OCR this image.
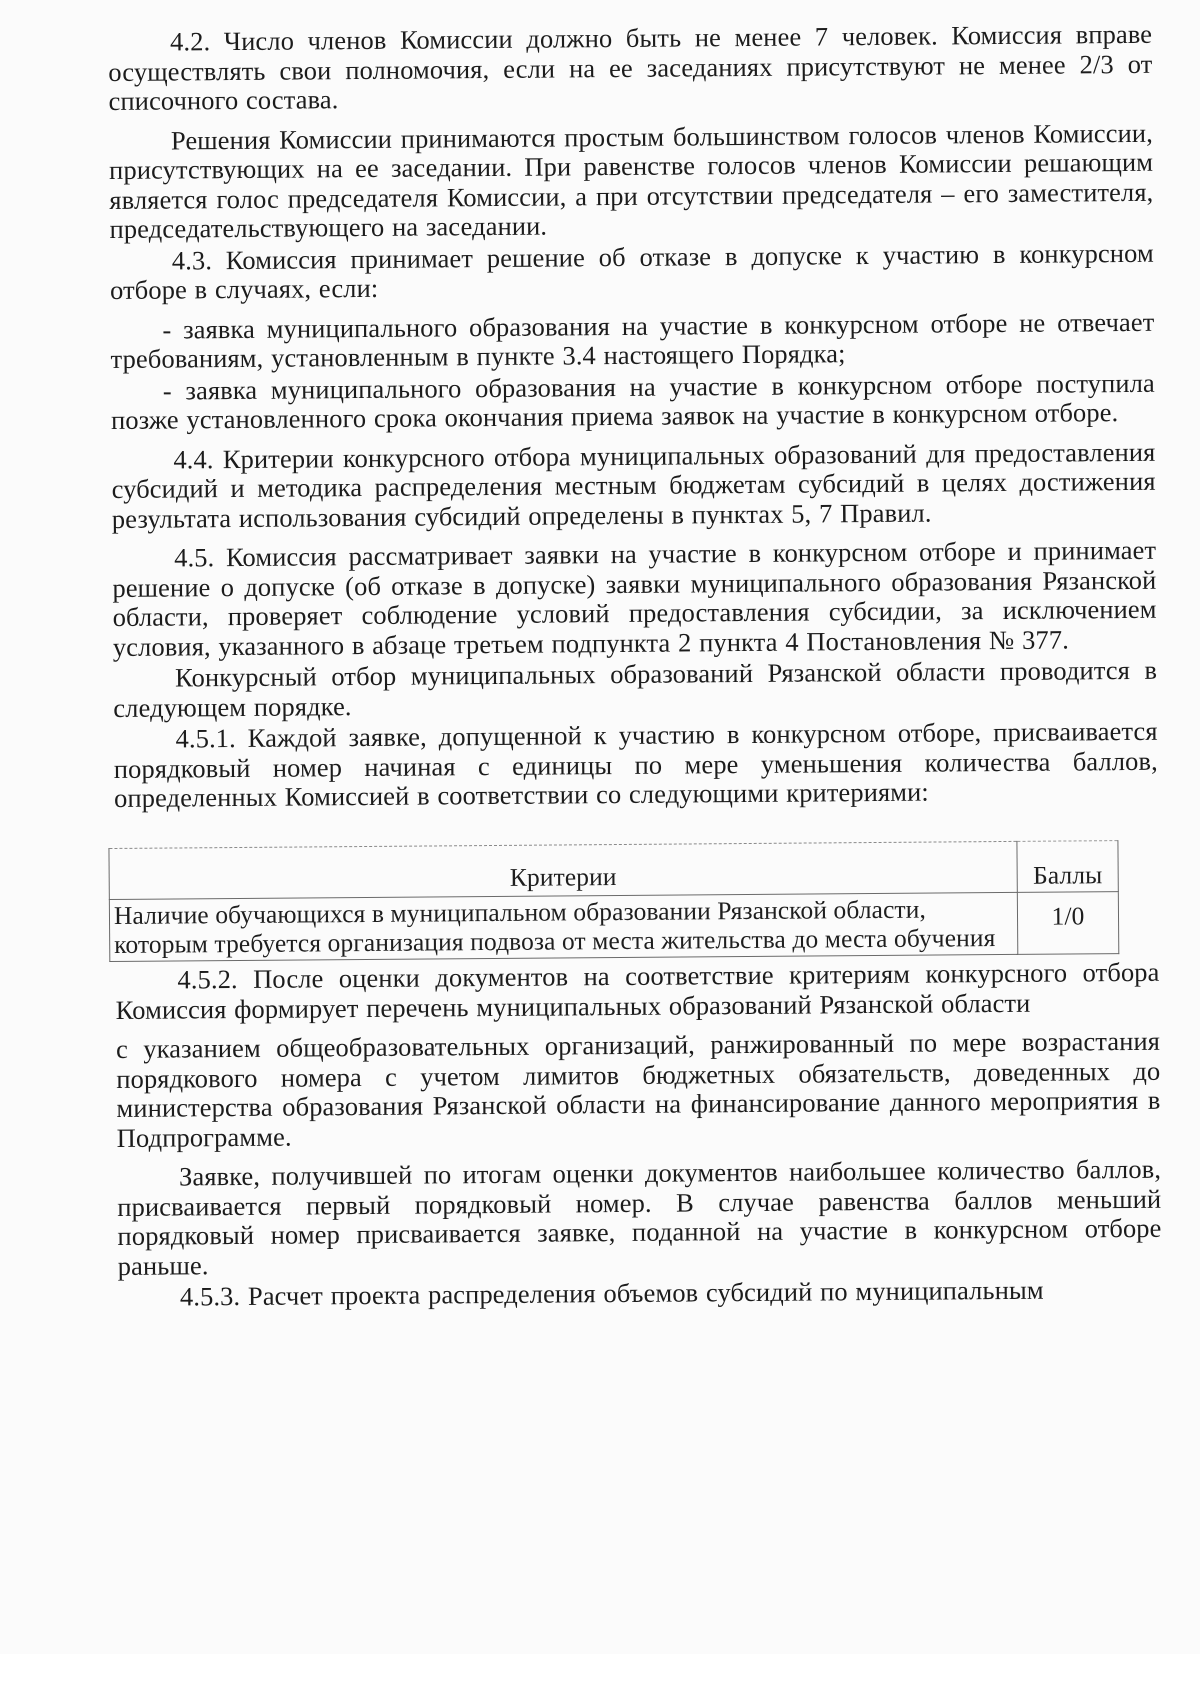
4.2. Число членов Комиссии должно быть не менее 7 человек. Комиссия вправе осуществлять свои полномочия, если на ее заседаниях присутствуют не менее 2/3 от списочного состава.

Решения Комиссии принимаются простым большинством голосов членов Комиссии, присутствующих на ее заседании. При равенстве голосов членов Комиссии решающим является голос председателя Комиссии, а при отсутствии председателя – его заместителя, председательствующего на заседании.

4.3. Комиссия принимает решение об отказе в допуске к участию в конкурсном отборе в случаях, если:

- заявка муниципального образования на участие в конкурсном отборе не отвечает требованиям, установленным в пункте 3.4 настоящего Порядка;

- заявка муниципального образования на участие в конкурсном отборе поступила позже установленного срока окончания приема заявок на участие в конкурсном отборе.

4.4. Критерии конкурсного отбора муниципальных образований для предоставления субсидий и методика распределения местным бюджетам субсидий в целях достижения результата использования субсидий определены в пунктах 5, 7 Правил.

4.5. Комиссия рассматривает заявки на участие в конкурсном отборе и принимает решение о допуске (об отказе в допуске) заявки муниципального образования Рязанской области, проверяет соблюдение условий предоставления субсидии, за исключением условия, указанного в абзаце третьем подпункта 2 пункта 4 Постановления № 377.

Конкурсный отбор муниципальных образований Рязанской области проводится в следующем порядке.

4.5.1. Каждой заявке, допущенной к участию в конкурсном отборе, присваивается порядковый номер начиная с единицы по мере уменьшения количества баллов, определенных Комиссией в соответствии со следующими критериями:

Критерии	Баллы
Наличие обучающихся в муниципальном образовании Рязанской области, которым требуется организация подвоза от места жительства до места обучения	1/0

4.5.2. После оценки документов на соответствие критериям конкурсного отбора Комиссия формирует перечень муниципальных образований Рязанской области

с указанием общеобразовательных организаций, ранжированный по мере возрастания порядкового номера с учетом лимитов бюджетных обязательств, доведенных до министерства образования Рязанской области на финансирование данного мероприятия в Подпрограмме.

Заявке, получившей по итогам оценки документов наибольшее количество баллов, присваивается первый порядковый номер. В случае равенства баллов меньший порядковый номер присваивается заявке, поданной на участие в конкурсном отборе раньше.

4.5.3. Расчет проекта распределения объемов субсидий по муниципальным
